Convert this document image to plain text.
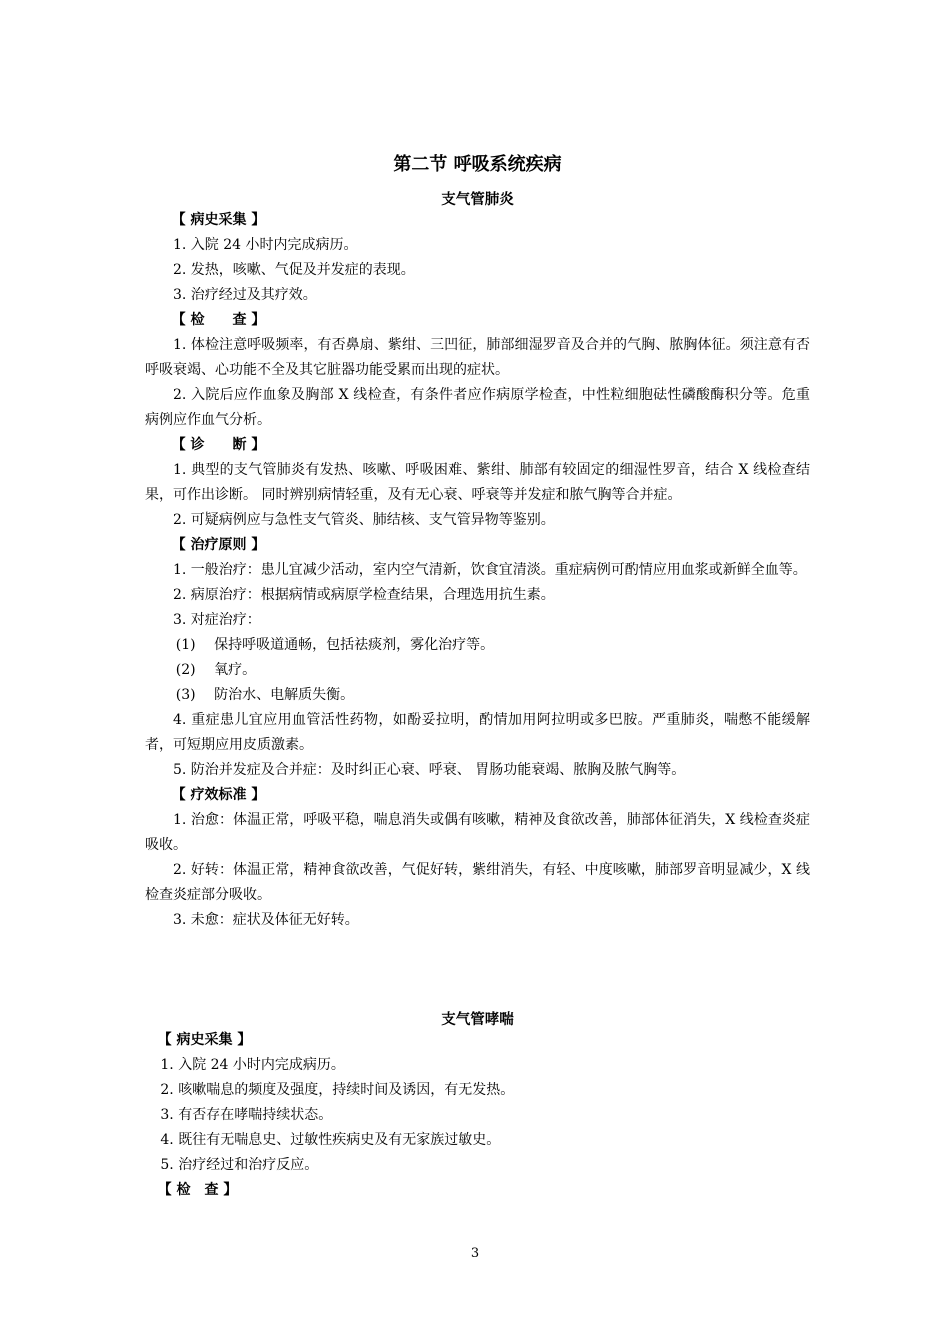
第二节 呼吸系统疾病
支气管肺炎

【 病史采集 】

1. 入院 24 小时内完成病历。

2. 发热，咳嗽、气促及并发症的表现。

3. 治疗经过及其疗效。

【 检　　查 】

1. 体检注意呼吸频率，有否鼻扇、紫绀、三凹征，肺部细湿罗音及合并的气胸、脓胸体征。须注意有否呼吸衰竭、心功能不全及其它脏器功能受累而出现的症状。

2. 入院后应作血象及胸部 X 线检查，有条件者应作病原学检查，中性粒细胞砝性磷酸酶积分等。危重病例应作血气分析。

【 诊　　断 】

1. 典型的支气管肺炎有发热、咳嗽、呼吸困难、紫绀、肺部有较固定的细湿性罗音，结合 X 线检查结果，可作出诊断。 同时辨别病情轻重，及有无心衰、呼衰等并发症和脓气胸等合并症。

2. 可疑病例应与急性支气管炎、肺结核、支气管异物等鉴别。

【 治疗原则 】

1. 一般治疗：患儿宜减少活动，室内空气清新，饮食宜清淡。重症病例可酌情应用血浆或新鲜全血等。

2. 病原治疗：根据病情或病原学检查结果，合理选用抗生素。

3. 对症治疗：

(1)　 保持呼吸道通畅，包括祛痰剂，雾化治疗等。

(2)　 氧疗。

(3)　 防治水、电解质失衡。

4. 重症患儿宜应用血管活性药物，如酚妥拉明，酌情加用阿拉明或多巴胺。严重肺炎，喘憋不能缓解者，可短期应用皮质激素。

5. 防治并发症及合并症：及时纠正心衰、呼衰、 胃肠功能衰竭、脓胸及脓气胸等。

【 疗效标准 】

1. 治愈：体温正常，呼吸平稳，喘息消失或偶有咳嗽，精神及食欲改善，肺部体征消失，X 线检查炎症吸收。

2. 好转：体温正常，精神食欲改善，气促好转，紫绀消失，有轻、中度咳嗽，肺部罗音明显减少，X 线检查炎症部分吸收。

3. 未愈：症状及体征无好转。

支气管哮喘

【 病史采集 】

1. 入院 24 小时内完成病历。

2. 咳嗽喘息的频度及强度，持续时间及诱因，有无发热。

3. 有否存在哮喘持续状态。

4. 既往有无喘息史、过敏性疾病史及有无家族过敏史。

5. 治疗经过和治疗反应。

【 检　查 】

3
